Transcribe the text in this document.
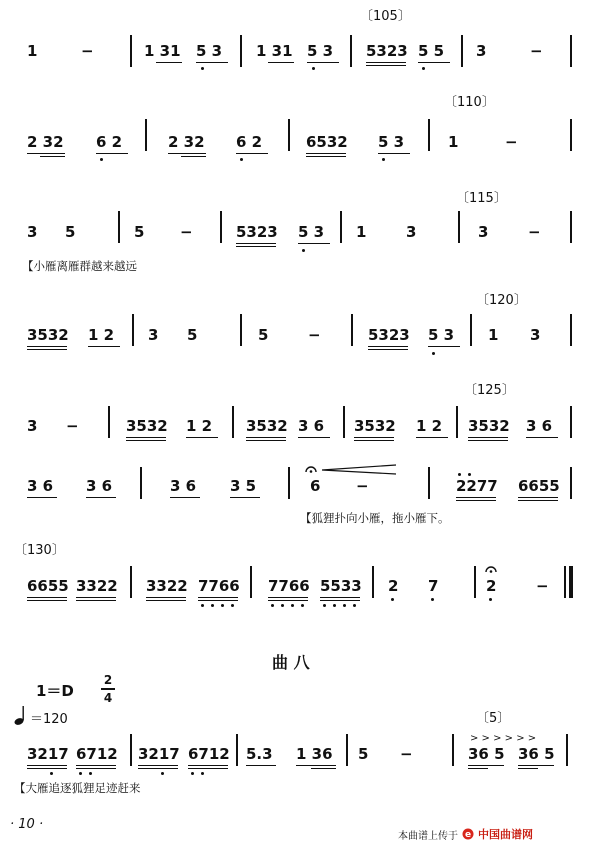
〔105〕
1	−	1 31 5 3 1 31 5 3 5323 5 5 3	−
〔110〕
2 32 6 2	2 32 6 2	6532 5 3	1	−
〔115〕
3 5	5 −	5323 5 3 1	3	3	−
【小雁离雁群越来越远
〔120〕
3532 1 2 3 5	5	−	5323 5 3 1 3
〔125〕
3 −	3532 1 2 3532 3 6 3532 1 2 3532 3 6
3 6 3 6	3 6 3 5	6 −	2277 6655
【狐狸扑向小雁，拖小雁下。
〔130〕
6655 3322 3322 7766 7766 5533 2 7	2	−
曲 八
1＝D
2
4
＝120	〔5〕
> > > > > >
3217 6712 3217 6712 5.3 1 36 5 −	36 5 36 5
【大雁追逐狐狸足迹赶来
· 10 ·
本曲谱上传于 e 中国曲谱网
